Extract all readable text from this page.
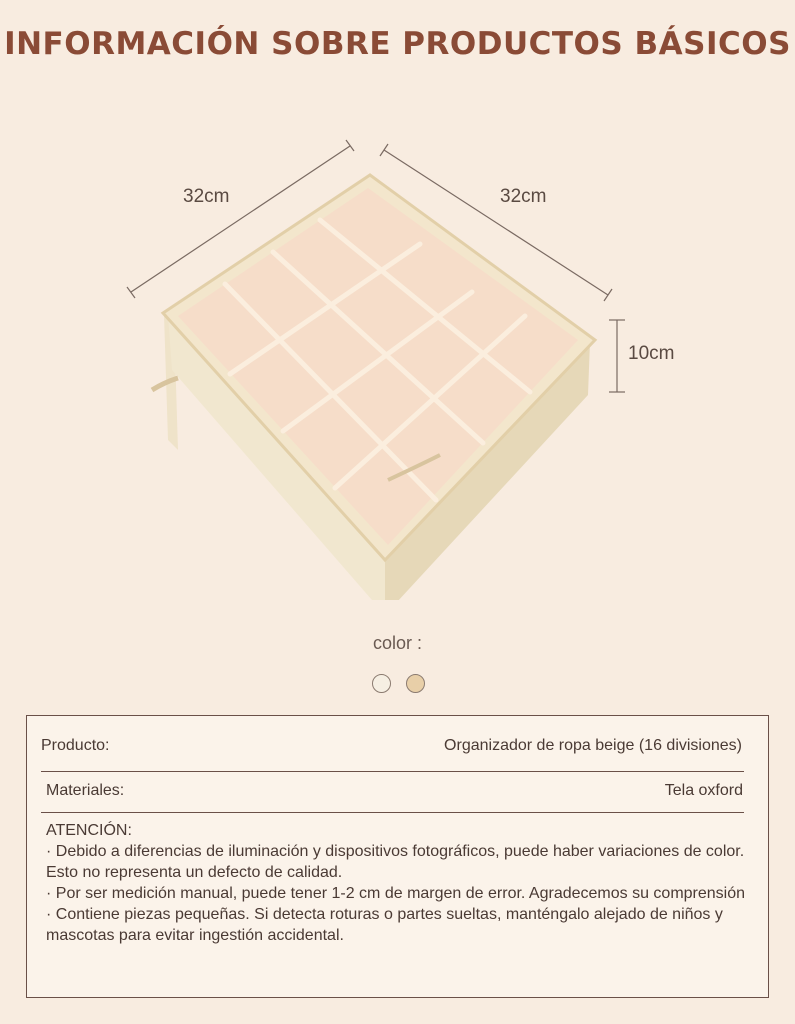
INFORMACIÓN SOBRE PRODUCTOS BÁSICOS
32cm	32cm
10cm
color :
Producto:	Organizador de ropa beige (16 divisiones)
Materiales:	Tela oxford

ATENCIÓN:

· Debido a diferencias de iluminación y dispositivos fotográficos, puede haber variaciones de color. Esto no representa un defecto de calidad.

· Por ser medición manual, puede tener 1-2 cm de margen de error. Agradecemos su comprensión

· Contiene piezas pequeñas. Si detecta roturas o partes sueltas, manténgalo alejado de niños y mascotas para evitar ingestión accidental.
